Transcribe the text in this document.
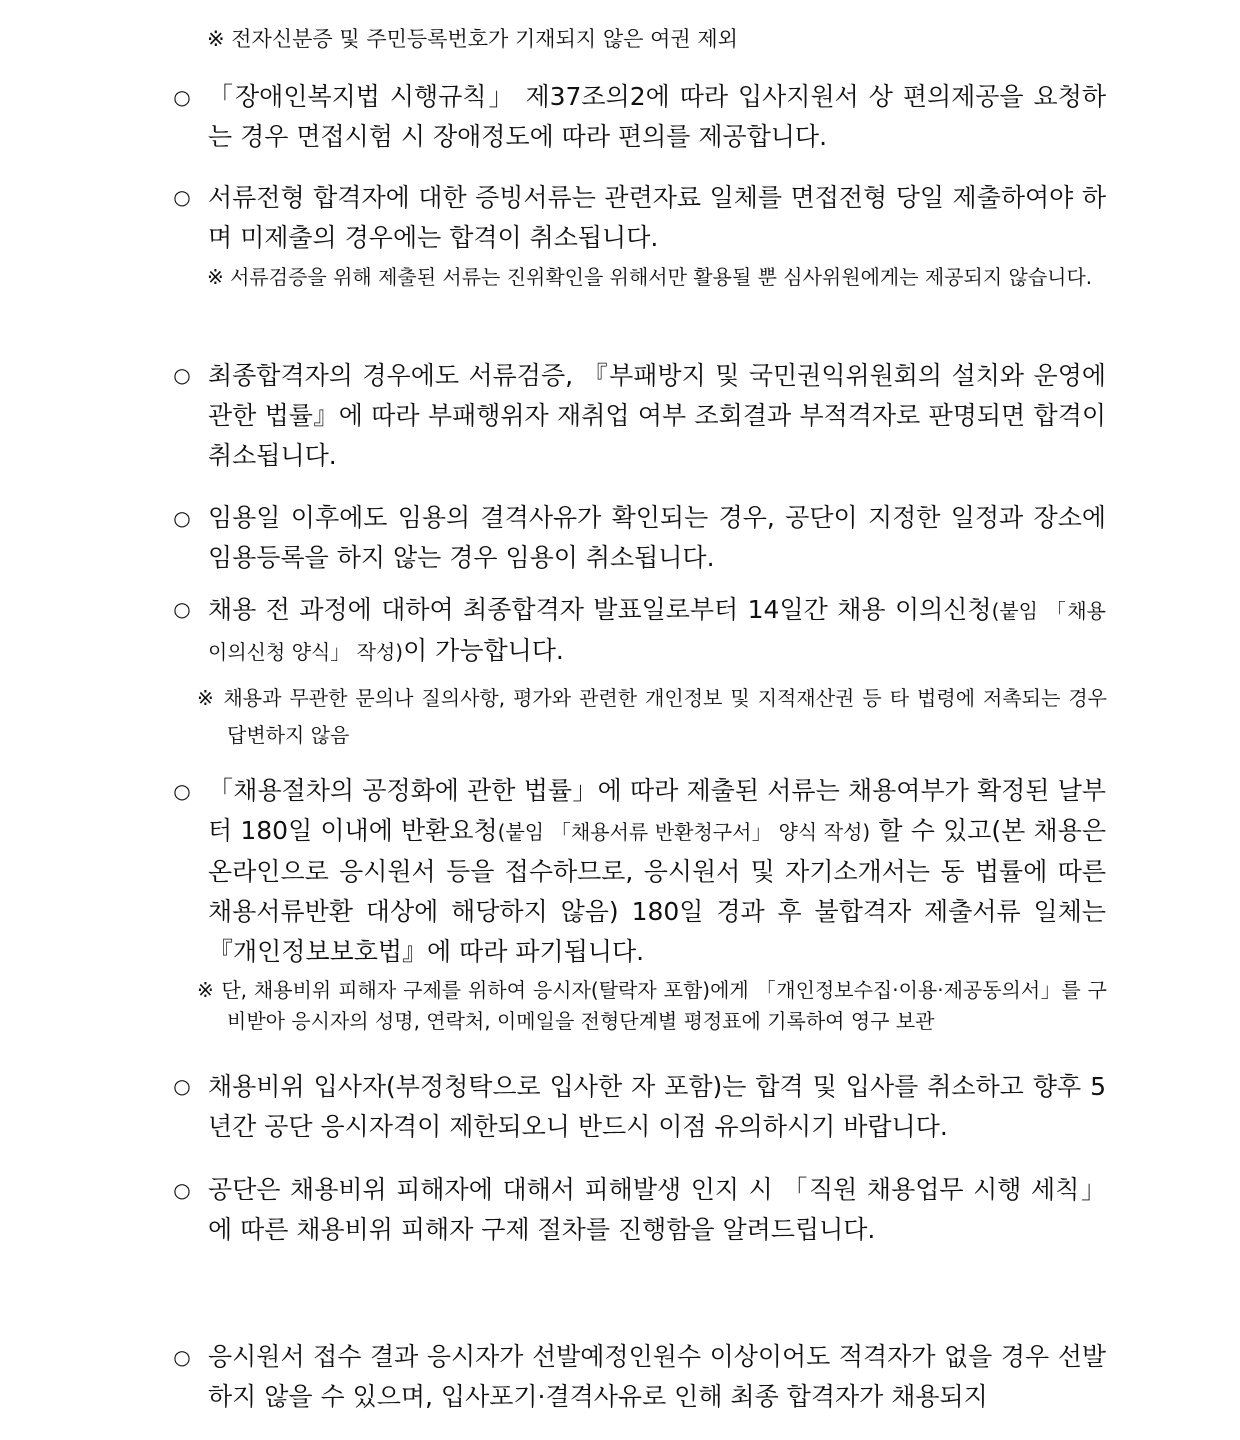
※ 전자신분증 및 주민등록번호가 기재되지 않은 여권 제외
○ 「장애인복지법 시행규칙」 제37조의2에 따라 입사지원서 상 편의제공을 요청하는 경우 면접시험 시 장애정도에 따라 편의를 제공합니다.
○ 서류전형 합격자에 대한 증빙서류는 관련자료 일체를 면접전형 당일 제출하여야 하며 미제출의 경우에는 합격이 취소됩니다.
※ 서류검증을 위해 제출된 서류는 진위확인을 위해서만 활용될 뿐 심사위원에게는 제공되지 않습니다.
○ 최종합격자의 경우에도 서류검증, 『부패방지 및 국민권익위원회의 설치와 운영에 관한 법률』에 따라 부패행위자 재취업 여부 조회결과 부적격자로 판명되면 합격이 취소됩니다.
○ 임용일 이후에도 임용의 결격사유가 확인되는 경우, 공단이 지정한 일정과 장소에 임용등록을 하지 않는 경우 임용이 취소됩니다.
○ 채용 전 과정에 대하여 최종합격자 발표일로부터 14일간 채용 이의신청(붙임 「채용 이의신청 양식」 작성)이 가능합니다.
※ 채용과 무관한 문의나 질의사항, 평가와 관련한 개인정보 및 지적재산권 등 타 법령에 저촉되는 경우 답변하지 않음
○ 「채용절차의 공정화에 관한 법률」에 따라 제출된 서류는 채용여부가 확정된 날부터 180일 이내에 반환요청(붙임 「채용서류 반환청구서」 양식 작성) 할 수 있고(본 채용은 온라인으로 응시원서 등을 접수하므로, 응시원서 및 자기소개서는 동 법률에 따른 채용서류반환 대상에 해당하지 않음) 180일 경과 후 불합격자 제출서류 일체는 『개인정보보호법』에 따라 파기됩니다.
※ 단, 채용비위 피해자 구제를 위하여 응시자(탈락자 포함)에게 「개인정보수집·이용·제공동의서」를 구비받아 응시자의 성명, 연락처, 이메일을 전형단계별 평정표에 기록하여 영구 보관
○ 채용비위 입사자(부정청탁으로 입사한 자 포함)는 합격 및 입사를 취소하고 향후 5년간 공단 응시자격이 제한되오니 반드시 이점 유의하시기 바랍니다.
○ 공단은 채용비위 피해자에 대해서 피해발생 인지 시 「직원 채용업무 시행 세칙」에 따른 채용비위 피해자 구제 절차를 진행함을 알려드립니다.
○ 응시원서 접수 결과 응시자가 선발예정인원수 이상이어도 적격자가 없을 경우 선발하지 않을 수 있으며, 입사포기·결격사유로 인해 최종 합격자가 채용되지
